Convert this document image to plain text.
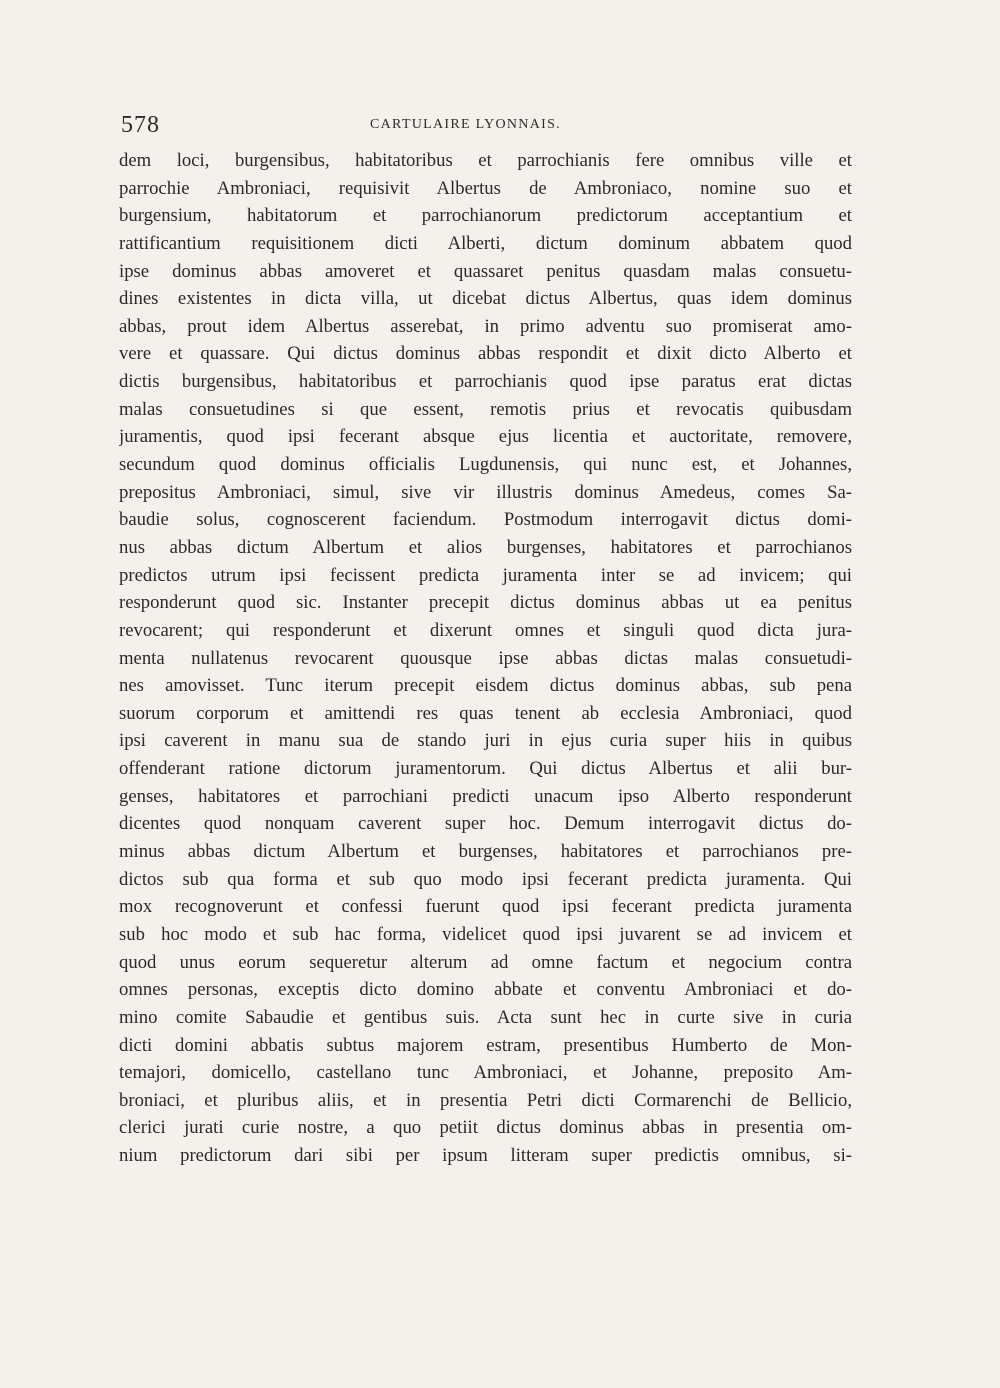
578	CARTULAIRE LYONNAIS.
dem loci, burgensibus, habitatoribus et parrochianis fere omnibus ville et
parrochie Ambroniaci, requisivit Albertus de Ambroniaco, nomine suo et
burgensium, habitatorum et parrochianorum predictorum acceptantium et
rattificantium requisitionem dicti Alberti, dictum dominum abbatem quod
ipse dominus abbas amoveret et quassaret penitus quasdam malas consuetu-
dines existentes in dicta villa, ut dicebat dictus Albertus, quas idem dominus
abbas, prout idem Albertus asserebat, in primo adventu suo promiserat amo-
vere et quassare. Qui dictus dominus abbas respondit et dixit dicto Alberto et
dictis burgensibus, habitatoribus et parrochianis quod ipse paratus erat dictas
malas consuetudines si que essent, remotis prius et revocatis quibusdam
juramentis, quod ipsi fecerant absque ejus licentia et auctoritate, removere,
secundum quod dominus officialis Lugdunensis, qui nunc est, et Johannes,
prepositus Ambroniaci, simul, sive vir illustris dominus Amedeus, comes Sa-
baudie solus, cognoscerent faciendum. Postmodum interrogavit dictus domi-
nus abbas dictum Albertum et alios burgenses, habitatores et parrochianos
predictos utrum ipsi fecissent predicta juramenta inter se ad invicem; qui
responderunt quod sic. Instanter precepit dictus dominus abbas ut ea penitus
revocarent; qui responderunt et dixerunt omnes et singuli quod dicta jura-
menta nullatenus revocarent quousque ipse abbas dictas malas consuetudi-
nes amovisset. Tunc iterum precepit eisdem dictus dominus abbas, sub pena
suorum corporum et amittendi res quas tenent ab ecclesia Ambroniaci, quod
ipsi caverent in manu sua de stando juri in ejus curia super hiis in quibus
offenderant ratione dictorum juramentorum. Qui dictus Albertus et alii bur-
genses, habitatores et parrochiani predicti unacum ipso Alberto responderunt
dicentes quod nonquam caverent super hoc. Demum interrogavit dictus do-
minus abbas dictum Albertum et burgenses, habitatores et parrochianos pre-
dictos sub qua forma et sub quo modo ipsi fecerant predicta juramenta. Qui
mox recognoverunt et confessi fuerunt quod ipsi fecerant predicta juramenta
sub hoc modo et sub hac forma, videlicet quod ipsi juvarent se ad invicem et
quod unus eorum sequeretur alterum ad omne factum et negocium contra
omnes personas, exceptis dicto domino abbate et conventu Ambroniaci et do-
mino comite Sabaudie et gentibus suis. Acta sunt hec in curte sive in curia
dicti domini abbatis subtus majorem estram, presentibus Humberto de Mon-
temajori, domicello, castellano tunc Ambroniaci, et Johanne, preposito Am-
broniaci, et pluribus aliis, et in presentia Petri dicti Cormarenchi de Bellicio,
clerici jurati curie nostre, a quo petiit dictus dominus abbas in presentia om-
nium predictorum dari sibi per ipsum litteram super predictis omnibus, si-
